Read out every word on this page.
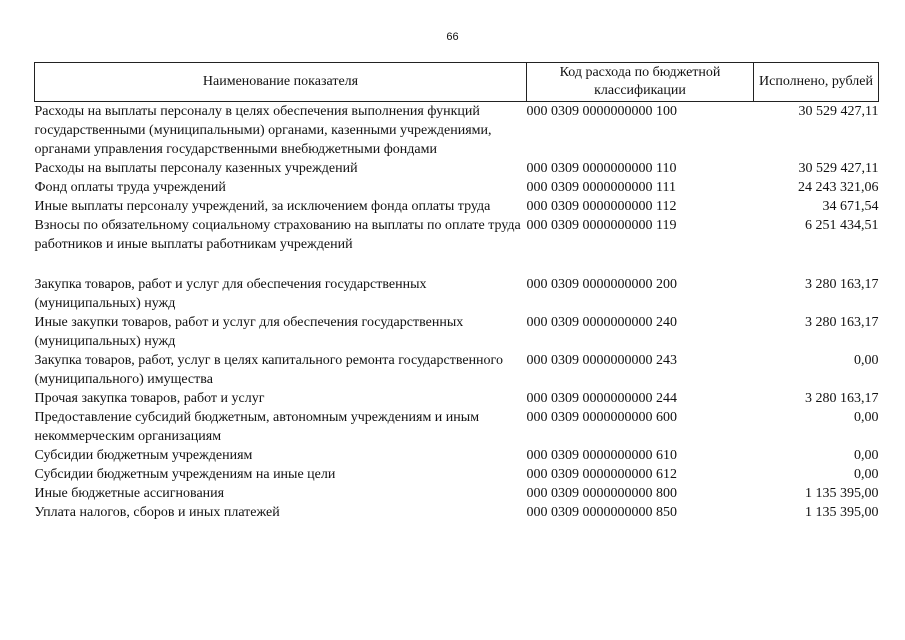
66
Наименование показателя	Код расхода по бюджетной классификации	Исполнено, рублей
Расходы на выплаты персоналу в целях обеспечения выполнения функций государственными (муниципальными) органами, казенными учреждениями, органами управления государственными внебюджетными фондами	000 0309 0000000000 100	30 529 427,11
Расходы на выплаты персоналу казенных учреждений	000 0309 0000000000 110	30 529 427,11
Фонд оплаты труда учреждений	000 0309 0000000000 111	24 243 321,06
Иные выплаты персоналу учреждений, за исключением фонда оплаты труда	000 0309 0000000000 112	34 671,54
Взносы по обязательному социальному страхованию на выплаты по оплате труда работников и иные выплаты работникам учреждений	000 0309 0000000000 119	6 251 434,51

Закупка товаров, работ и услуг для обеспечения государственных (муниципальных) нужд	000 0309 0000000000 200	3 280 163,17
Иные закупки товаров, работ и услуг для обеспечения государственных (муниципальных) нужд	000 0309 0000000000 240	3 280 163,17
Закупка товаров, работ, услуг в целях капитального ремонта государственного (муниципального) имущества	000 0309 0000000000 243	0,00
Прочая закупка товаров, работ и услуг	000 0309 0000000000 244	3 280 163,17
Предоставление субсидий бюджетным, автономным учреждениям и иным некоммерческим организациям	000 0309 0000000000 600	0,00
Субсидии бюджетным учреждениям	000 0309 0000000000 610	0,00
Субсидии бюджетным учреждениям на иные цели	000 0309 0000000000 612	0,00
Иные бюджетные ассигнования	000 0309 0000000000 800	1 135 395,00
Уплата налогов, сборов и иных платежей	000 0309 0000000000 850	1 135 395,00
